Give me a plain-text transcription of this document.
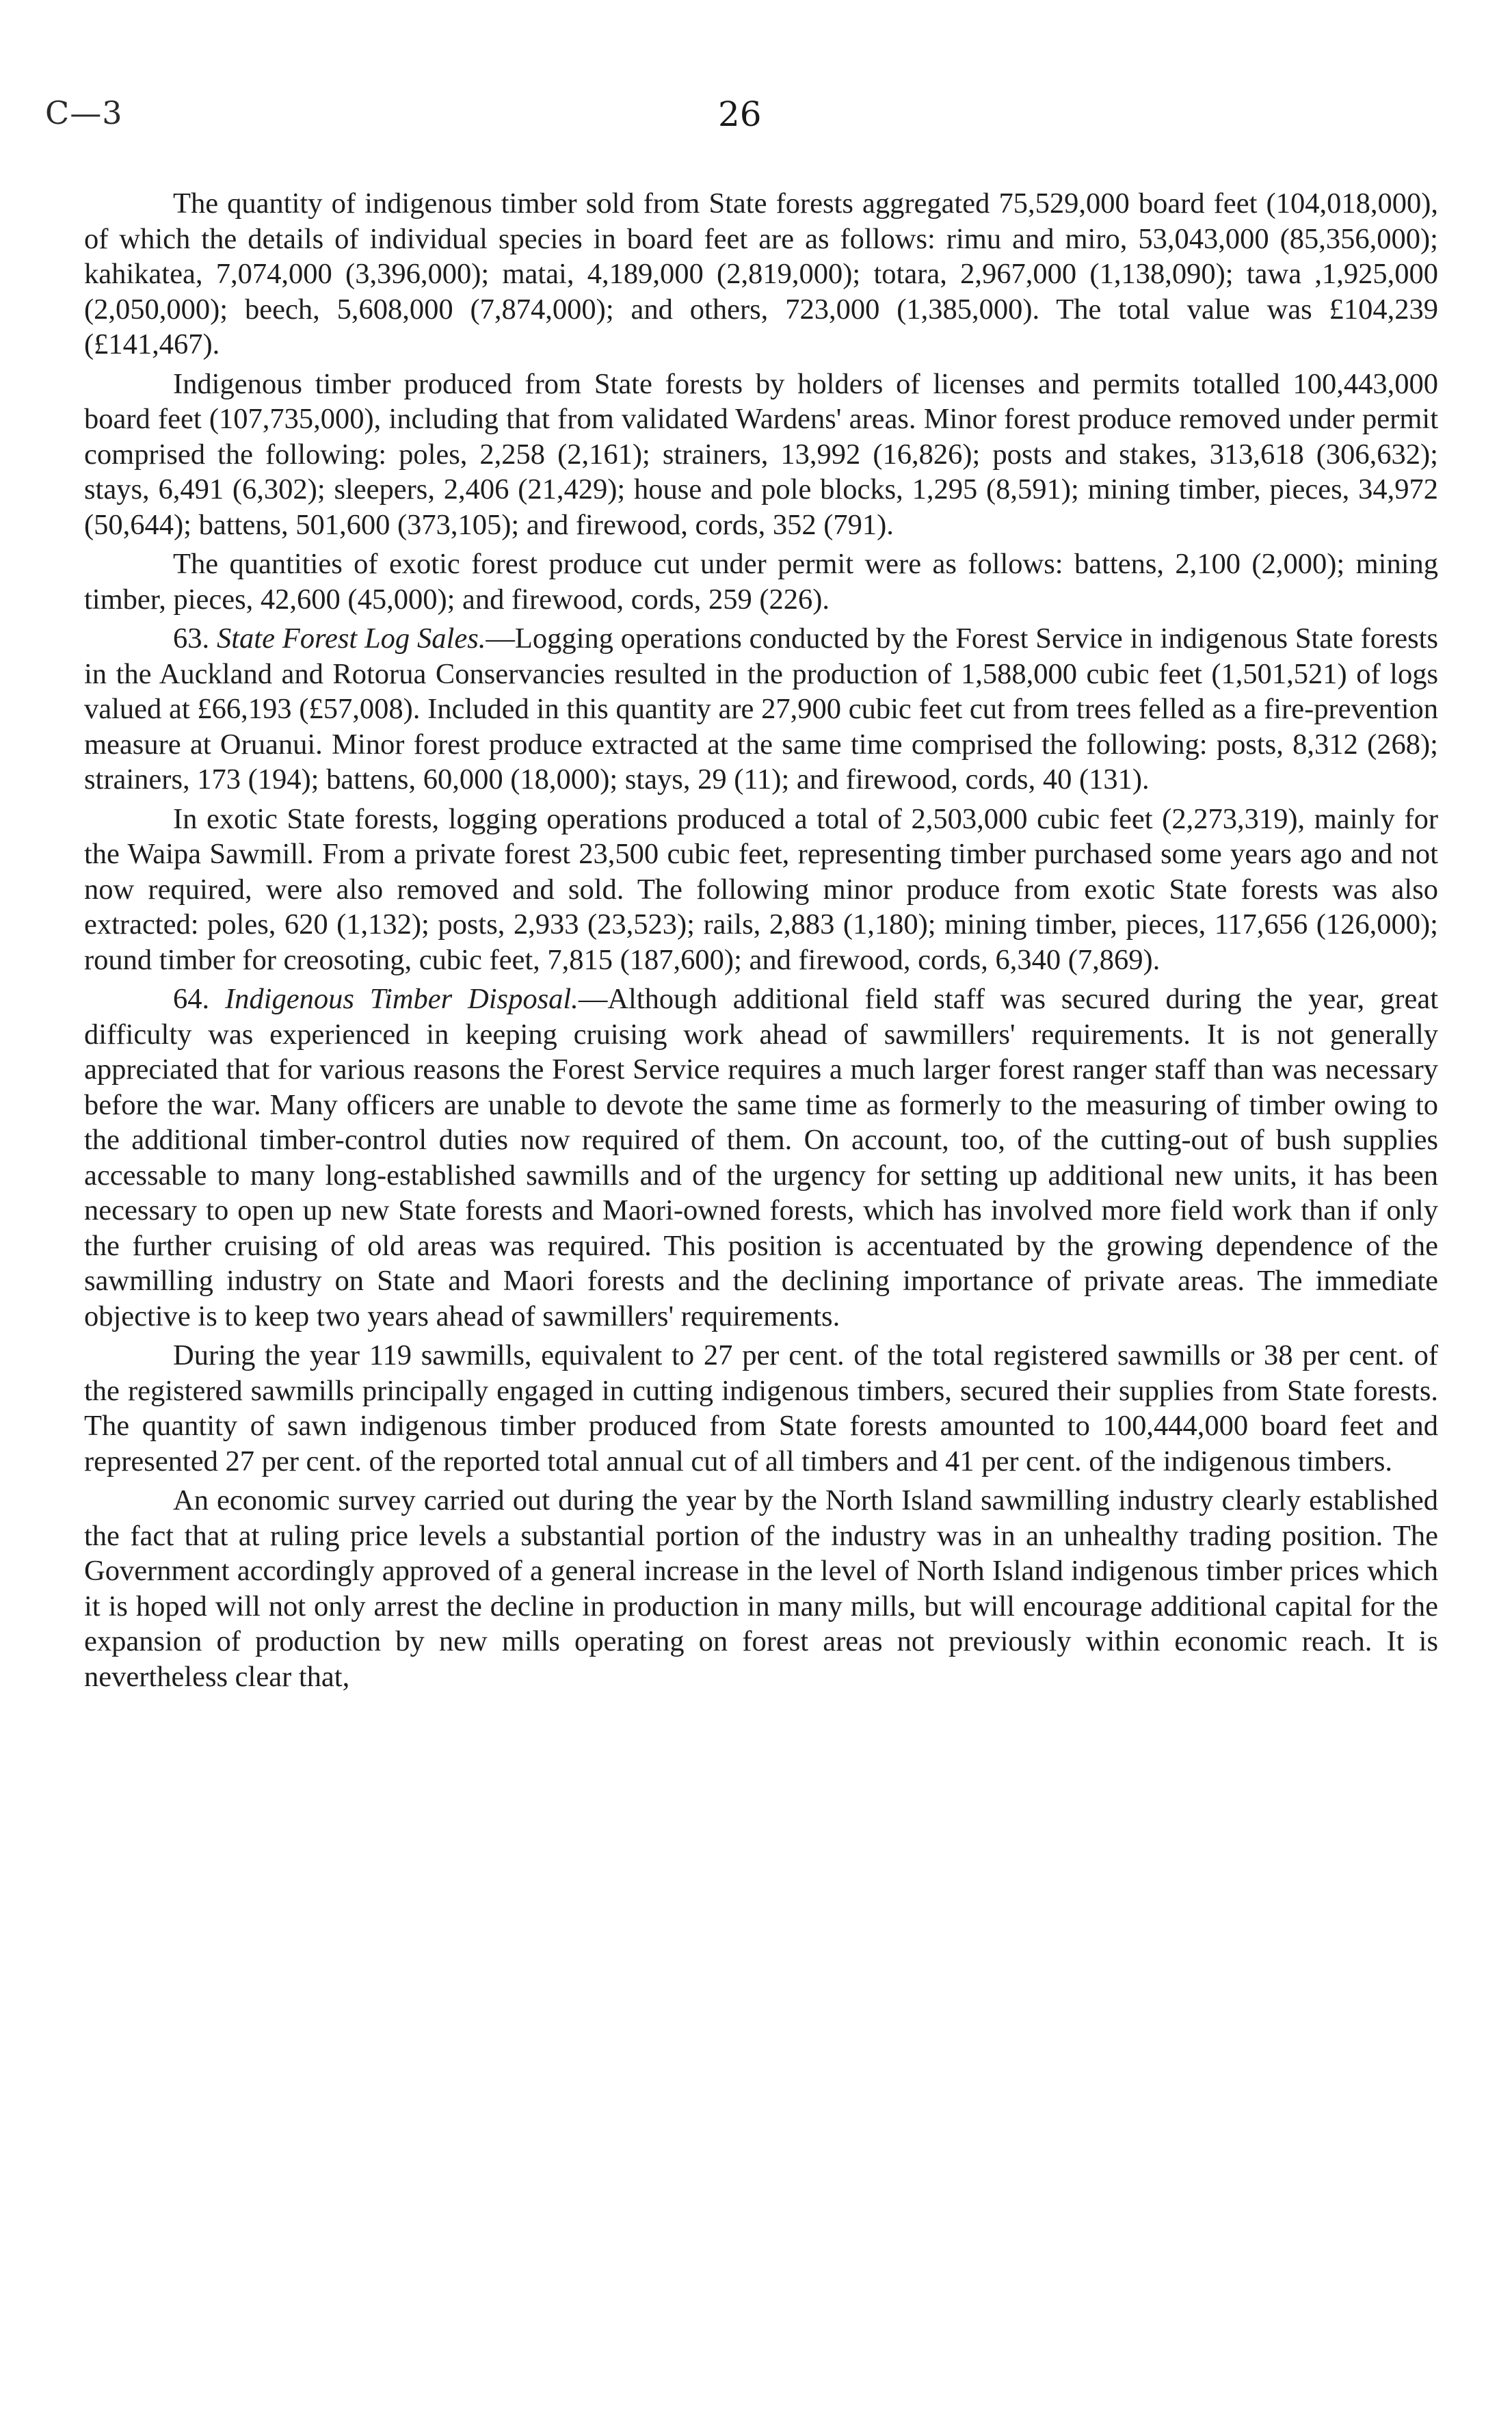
C—3	26

The quantity of indigenous timber sold from State forests aggregated 75,529,000 board feet (104,018,000), of which the details of individual species in board feet are as follows: rimu and miro, 53,043,000 (85,356,000); kahikatea, 7,074,000 (3,396,000); matai, 4,189,000 (2,819,000); totara, 2,967,000 (1,138,090); tawa ,1,925,000 (2,050,000); beech, 5,608,000 (7,874,000); and others, 723,000 (1,385,000). The total value was £104,239 (£141,467).

Indigenous timber produced from State forests by holders of licenses and permits totalled 100,443,000 board feet (107,735,000), including that from validated Wardens' areas. Minor forest produce removed under permit comprised the following: poles, 2,258 (2,161); strainers, 13,992 (16,826); posts and stakes, 313,618 (306,632); stays, 6,491 (6,302); sleepers, 2,406 (21,429); house and pole blocks, 1,295 (8,591); mining timber, pieces, 34,972 (50,644); battens, 501,600 (373,105); and firewood, cords, 352 (791).

The quantities of exotic forest produce cut under permit were as follows: battens, 2,100 (2,000); mining timber, pieces, 42,600 (45,000); and firewood, cords, 259 (226).

63. State Forest Log Sales.—Logging operations conducted by the Forest Service in indigenous State forests in the Auckland and Rotorua Conservancies resulted in the production of 1,588,000 cubic feet (1,501,521) of logs valued at £66,193 (£57,008). Included in this quantity are 27,900 cubic feet cut from trees felled as a fire-prevention measure at Oruanui. Minor forest produce extracted at the same time comprised the following: posts, 8,312 (268); strainers, 173 (194); battens, 60,000 (18,000); stays, 29 (11); and firewood, cords, 40 (131).

In exotic State forests, logging operations produced a total of 2,503,000 cubic feet (2,273,319), mainly for the Waipa Sawmill. From a private forest 23,500 cubic feet, representing timber purchased some years ago and not now required, were also removed and sold. The following minor produce from exotic State forests was also extracted: poles, 620 (1,132); posts, 2,933 (23,523); rails, 2,883 (1,180); mining timber, pieces, 117,656 (126,000); round timber for creosoting, cubic feet, 7,815 (187,600); and firewood, cords, 6,340 (7,869).

64. Indigenous Timber Disposal.—Although additional field staff was secured during the year, great difficulty was experienced in keeping cruising work ahead of sawmillers' requirements. It is not generally appreciated that for various reasons the Forest Service requires a much larger forest ranger staff than was necessary before the war. Many officers are unable to devote the same time as formerly to the measuring of timber owing to the additional timber-control duties now required of them. On account, too, of the cutting-out of bush supplies accessable to many long-established sawmills and of the urgency for setting up additional new units, it has been necessary to open up new State forests and Maori-owned forests, which has involved more field work than if only the further cruising of old areas was required. This position is accentuated by the growing dependence of the sawmilling industry on State and Maori forests and the declining importance of private areas. The immediate objective is to keep two years ahead of sawmillers' requirements.

During the year 119 sawmills, equivalent to 27 per cent. of the total registered sawmills or 38 per cent. of the registered sawmills principally engaged in cutting indigenous timbers, secured their supplies from State forests. The quantity of sawn indigenous timber produced from State forests amounted to 100,444,000 board feet and represented 27 per cent. of the reported total annual cut of all timbers and 41 per cent. of the indigenous timbers.

An economic survey carried out during the year by the North Island sawmilling industry clearly established the fact that at ruling price levels a substantial portion of the industry was in an unhealthy trading position. The Government accordingly approved of a general increase in the level of North Island indigenous timber prices which it is hoped will not only arrest the decline in production in many mills, but will encourage additional capital for the expansion of production by new mills operating on forest areas not previously within economic reach. It is nevertheless clear that,
